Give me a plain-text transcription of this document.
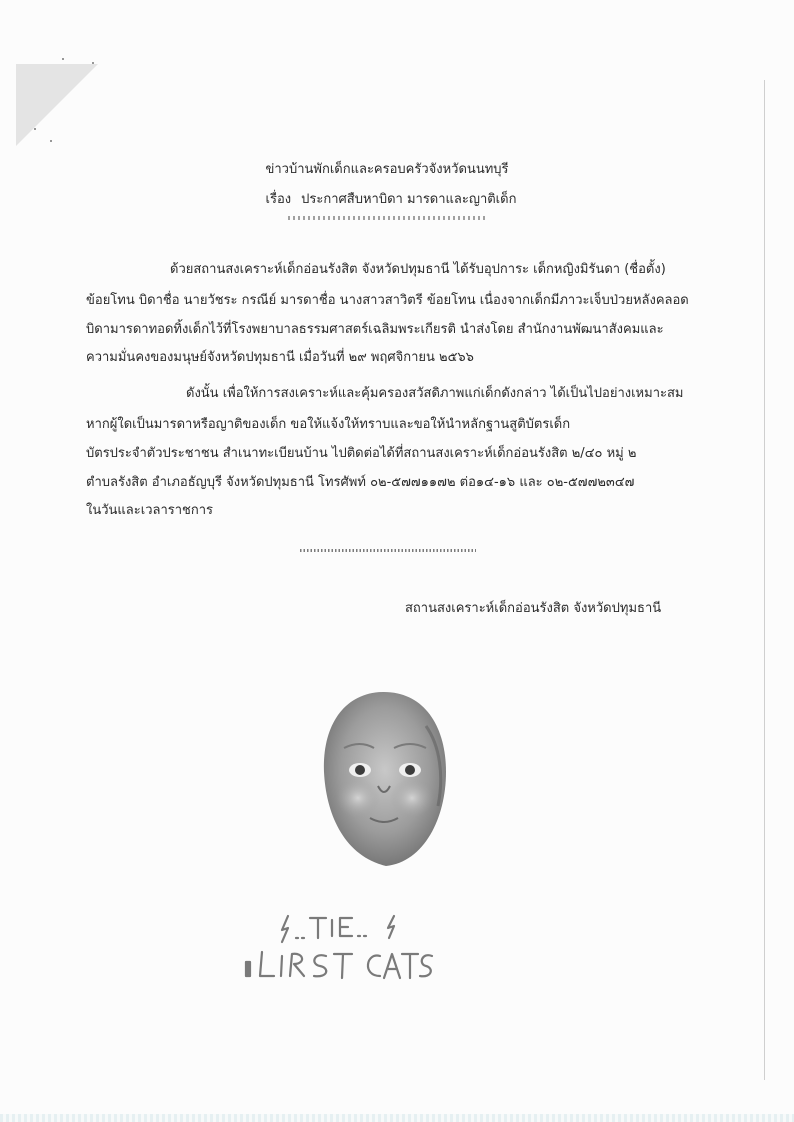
ข่าวบ้านพักเด็กและครอบครัวจังหวัดนนทบุรี
เรื่อง ประกาศสืบหาบิดา มารดาและญาติเด็ก
ด้วยสถานสงเคราะห์เด็กอ่อนรังสิต จังหวัดปทุมธานี ได้รับอุปการะ เด็กหญิงมิรันดา (ชื่อตั้ง)
ข้อยโทน บิดาชื่อ นายวัชระ กรณีย์ มารดาชื่อ นางสาวสาวิตรี ข้อยโทน เนื่องจากเด็กมีภาวะเจ็บป่วยหลังคลอด
บิดามารดาทอดทิ้งเด็กไว้ที่โรงพยาบาลธรรมศาสตร์เฉลิมพระเกียรติ นำส่งโดย สำนักงานพัฒนาสังคมและ
ความมั่นคงของมนุษย์จังหวัดปทุมธานี เมื่อวันที่ ๒๙ พฤศจิกายน ๒๕๖๖
ดังนั้น เพื่อให้การสงเคราะห์และคุ้มครองสวัสดิภาพแก่เด็กดังกล่าว ได้เป็นไปอย่างเหมาะสม
หากผู้ใดเป็นมารดาหรือญาติของเด็ก ขอให้แจ้งให้ทราบและขอให้นำหลักฐานสูติบัตรเด็ก
บัตรประจำตัวประชาชน สำเนาทะเบียนบ้าน ไปติดต่อได้ที่สถานสงเคราะห์เด็กอ่อนรังสิต ๒/๔๐ หมู่ ๒
ตำบลรังสิต อำเภอธัญบุรี จังหวัดปทุมธานี โทรศัพท์ ๐๒-๕๗๗๑๑๗๒ ต่อ๑๔-๑๖ และ ๐๒-๕๗๗๒๓๔๗
ในวันและเวลาราชการ
สถานสงเคราะห์เด็กอ่อนรังสิต จังหวัดปทุมธานี
